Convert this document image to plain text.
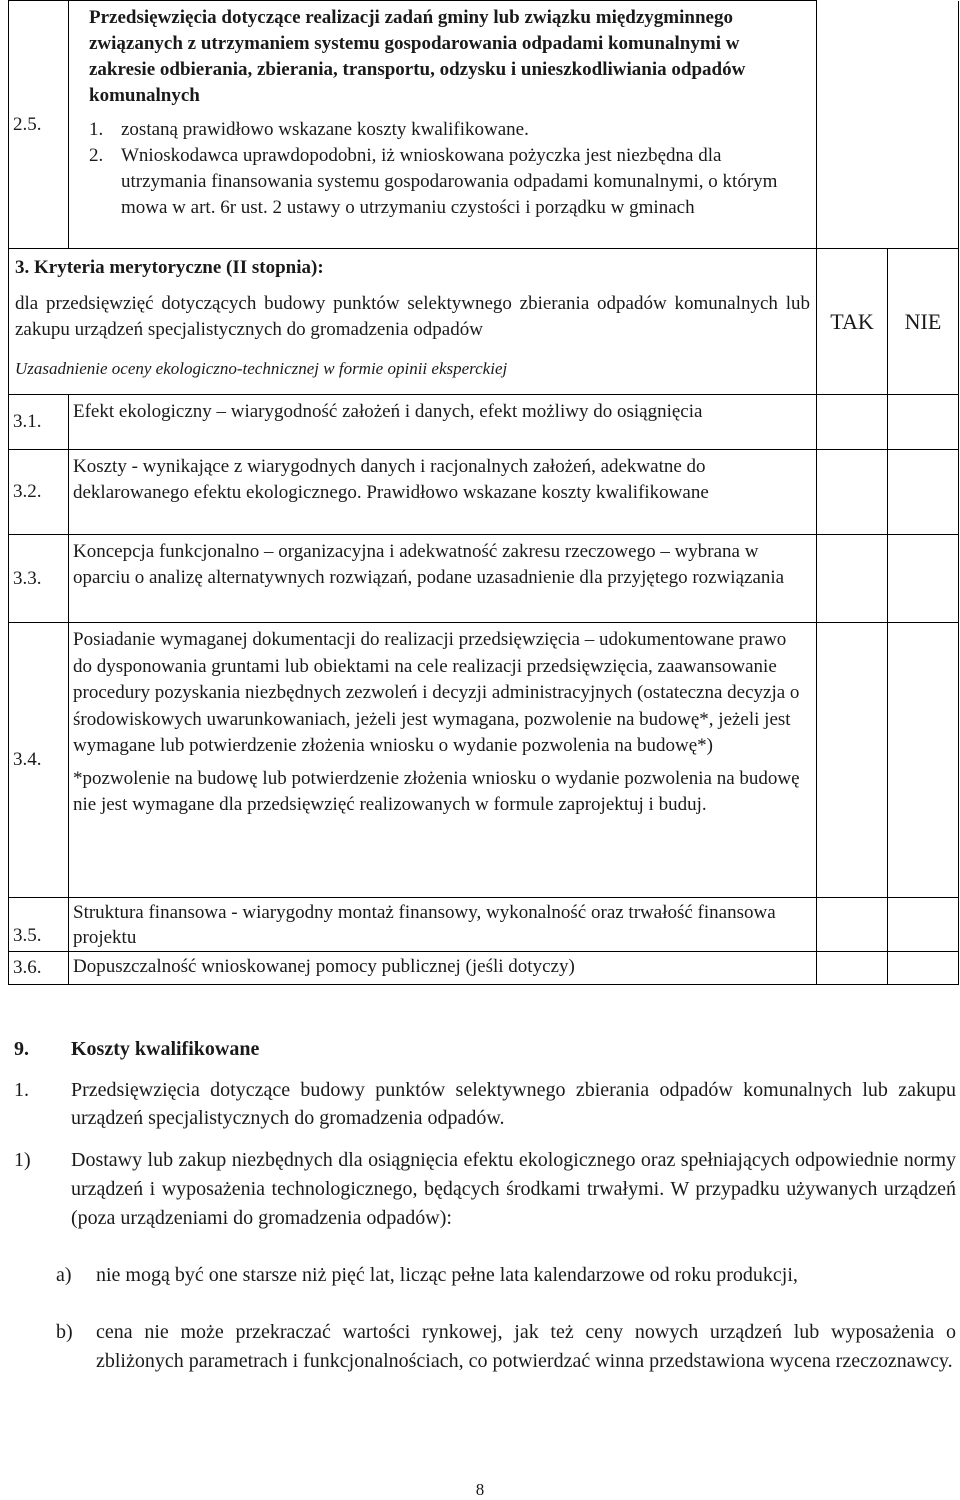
2.5.	Przedsięwzięcia dotyczące realizacji zadań gminy lub związku międzygminnego związanych z utrzymaniem systemu gospodarowania odpadami komunalnymi w zakresie odbierania, zbierania, transportu, odzysku i unieszkodliwiania odpadów komunalnych
1. zostaną prawidłowo wskazane koszty kwalifikowane.
2. Wnioskodawca uprawdopodobni, iż wnioskowana pożyczka jest niezbędna dla utrzymania finansowania systemu gospodarowania odpadami komunalnymi, o którym mowa w art. 6r ust. 2 ustawy o utrzymaniu czystości i porządku w gminach		

3. Kryteria merytoryczne (II stopnia):
dla przedsięwzięć dotyczących budowy punktów selektywnego zbierania odpadów komunalnych lub zakupu urządzeń specjalistycznych do gromadzenia odpadów
Uzasadnienie oceny ekologiczno-technicznej w formie opinii eksperckiej		TAK	NIE
3.1.	Efekt ekologiczny – wiarygodność założeń i danych, efekt możliwy do osiągnięcia		
3.2.	Koszty - wynikające z wiarygodnych danych i racjonalnych założeń, adekwatne do deklarowanego efektu ekologicznego. Prawidłowo wskazane koszty kwalifikowane		
3.3.	Koncepcja funkcjonalno – organizacyjna i adekwatność zakresu rzeczowego – wybrana w oparciu o analizę alternatywnych rozwiązań, podane uzasadnienie dla przyjętego rozwiązania		
3.4.	Posiadanie wymaganej dokumentacji do realizacji przedsięwzięcia – udokumentowane prawo do dysponowania gruntami lub obiektami na cele realizacji przedsięwzięcia, zaawansowanie procedury pozyskania niezbędnych zezwoleń i decyzji administracyjnych (ostateczna decyzja o środowiskowych uwarunkowaniach, jeżeli jest wymagana, pozwolenie na budowę*, jeżeli jest wymagane lub potwierdzenie złożenia wniosku o wydanie pozwolenia na budowę*)
*pozwolenie na budowę lub potwierdzenie złożenia wniosku o wydanie pozwolenia na budowę nie jest wymagane dla przedsięwzięć realizowanych w formule zaprojektuj i buduj.		

3.5.	Struktura finansowa - wiarygodny montaż finansowy, wykonalność oraz trwałość finansowa projektu		
3.6.	Dopuszczalność wnioskowanej pomocy publicznej (jeśli dotyczy)		
9.	Koszty kwalifikowane
1.	Przedsięwzięcia dotyczące budowy punktów selektywnego zbierania odpadów komunalnych lub zakupu urządzeń specjalistycznych do gromadzenia odpadów.
1)	Dostawy lub zakup niezbędnych dla osiągnięcia efektu ekologicznego oraz spełniających odpowiednie normy urządzeń i wyposażenia technologicznego, będących środkami trwałymi. W przypadku używanych urządzeń (poza urządzeniami do gromadzenia odpadów):
a)	nie mogą być one starsze niż pięć lat, licząc pełne lata kalendarzowe od roku produkcji,
b)	cena nie może przekraczać wartości rynkowej, jak też ceny nowych urządzeń lub wyposażenia o zbliżonych parametrach i funkcjonalnościach, co potwierdzać winna przedstawiona wycena rzeczoznawcy.
8
